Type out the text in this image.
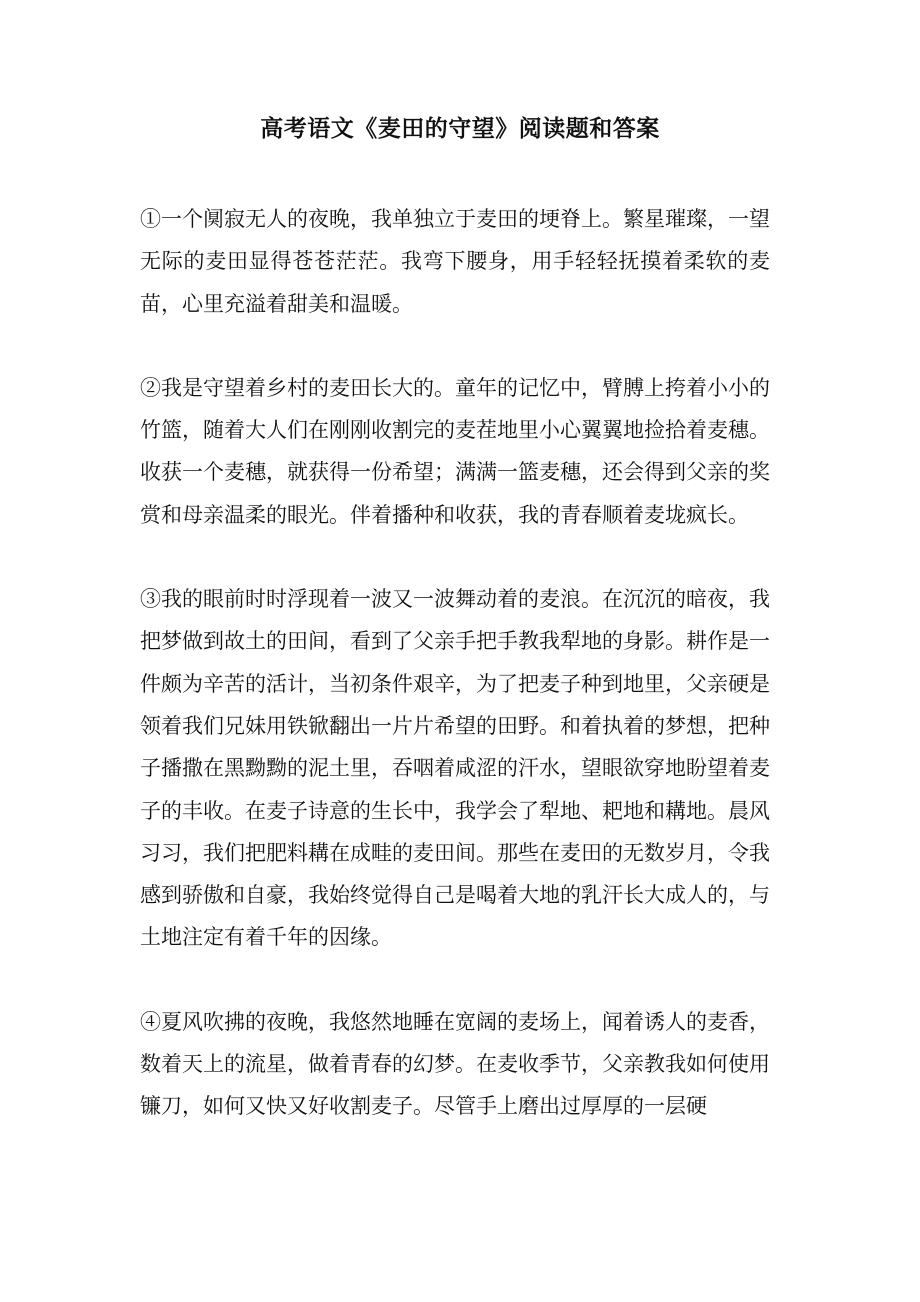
高考语文《麦田的守望》阅读题和答案

①一个阒寂无人的夜晚，我单独立于麦田的埂脊上。繁星璀璨，一望无际的麦田显得苍苍茫茫。我弯下腰身，用手轻轻抚摸着柔软的麦苗，心里充溢着甜美和温暖。

②我是守望着乡村的麦田长大的。童年的记忆中，臂膊上挎着小小的竹篮，随着大人们在刚刚收割完的麦茬地里小心翼翼地捡拾着麦穗。收获一个麦穗，就获得一份希望；满满一篮麦穗，还会得到父亲的奖赏和母亲温柔的眼光。伴着播种和收获，我的青春顺着麦垅疯长。

③我的眼前时时浮现着一波又一波舞动着的麦浪。在沉沉的暗夜，我把梦做到故土的田间，看到了父亲手把手教我犁地的身影。耕作是一件颇为辛苦的活计，当初条件艰辛，为了把麦子种到地里，父亲硬是领着我们兄妹用铁锨翻出一片片希望的田野。和着执着的梦想，把种子播撒在黑黝黝的泥土里，吞咽着咸涩的汗水，望眼欲穿地盼望着麦子的丰收。在麦子诗意的生长中，我学会了犁地、耙地和耩地。晨风习习，我们把肥料耩在成畦的麦田间。那些在麦田的无数岁月，令我感到骄傲和自豪，我始终觉得自己是喝着大地的乳汗长大成人的，与土地注定有着千年的因缘。

④夏风吹拂的夜晚，我悠然地睡在宽阔的麦场上，闻着诱人的麦香，数着天上的流星，做着青春的幻梦。在麦收季节，父亲教我如何使用镰刀，如何又快又好收割麦子。尽管手上磨出过厚厚的一层硬
